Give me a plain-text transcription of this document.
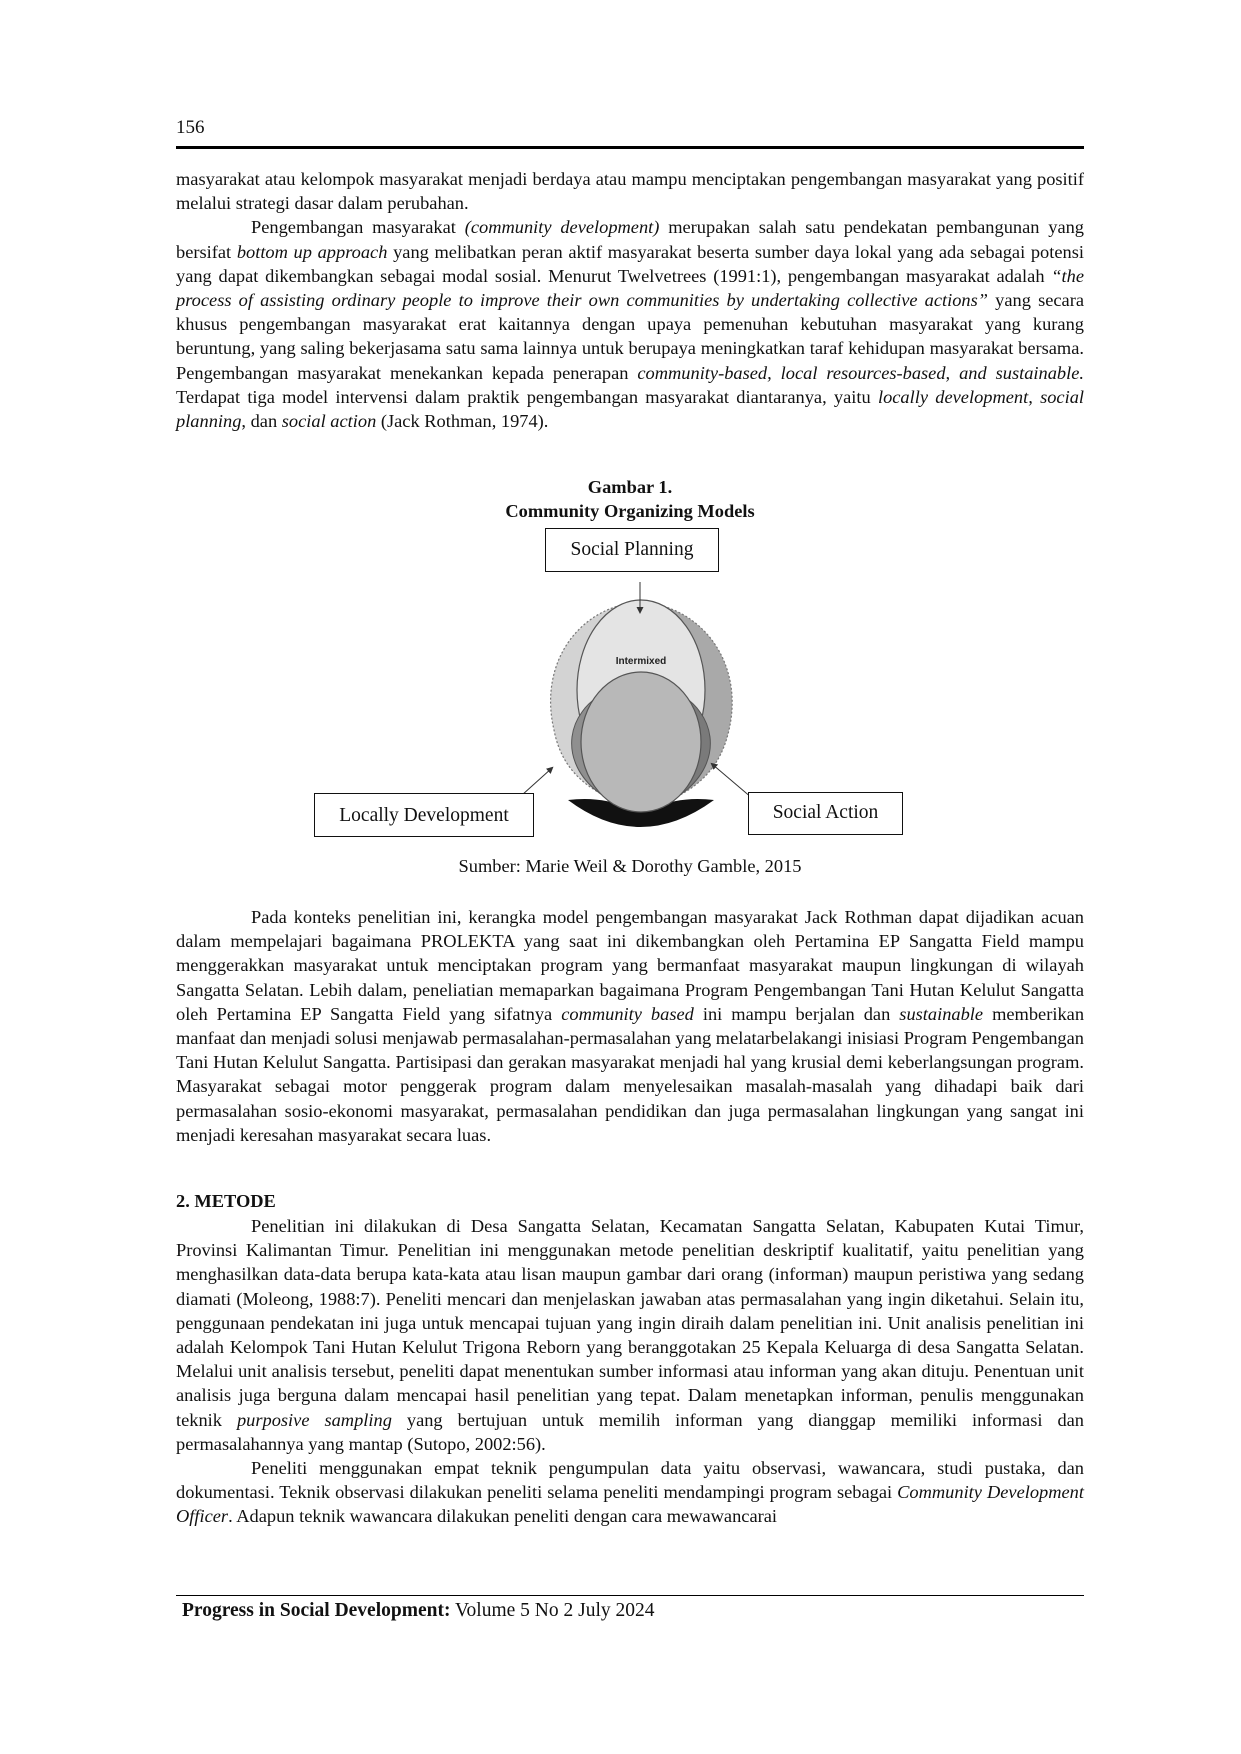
156

masyarakat atau kelompok masyarakat menjadi berdaya atau mampu menciptakan pengembangan masyarakat yang positif melalui strategi dasar dalam perubahan.

Pengembangan masyarakat (community development) merupakan salah satu pendekatan pembangunan yang bersifat bottom up approach yang melibatkan peran aktif masyarakat beserta sumber daya lokal yang ada sebagai potensi yang dapat dikembangkan sebagai modal sosial. Menurut Twelvetrees (1991:1), pengembangan masyarakat adalah “the process of assisting ordinary people to improve their own communities by undertaking collective actions” yang secara khusus pengembangan masyarakat erat kaitannya dengan upaya pemenuhan kebutuhan masyarakat yang kurang beruntung, yang saling bekerjasama satu sama lainnya untuk berupaya meningkatkan taraf kehidupan masyarakat bersama. Pengembangan masyarakat menekankan kepada penerapan community-based, local resources-based, and sustainable. Terdapat tiga model intervensi dalam praktik pengembangan masyarakat diantaranya, yaitu locally development, social planning, dan social action (Jack Rothman, 1974).

Gambar 1.
Community Organizing Models
Intermixed
Social Planning
Locally Development	Social Action
Sumber: Marie Weil & Dorothy Gamble, 2015

Pada konteks penelitian ini, kerangka model pengembangan masyarakat Jack Rothman dapat dijadikan acuan dalam mempelajari bagaimana PROLEKTA yang saat ini dikembangkan oleh Pertamina EP Sangatta Field mampu menggerakkan masyarakat untuk menciptakan program yang bermanfaat masyarakat maupun lingkungan di wilayah Sangatta Selatan. Lebih dalam, peneliatian memaparkan bagaimana Program Pengembangan Tani Hutan Kelulut Sangatta oleh Pertamina EP Sangatta Field yang sifatnya community based ini mampu berjalan dan sustainable memberikan manfaat dan menjadi solusi menjawab permasalahan-permasalahan yang melatarbelakangi inisiasi Program Pengembangan Tani Hutan Kelulut Sangatta. Partisipasi dan gerakan masyarakat menjadi hal yang krusial demi keberlangsungan program. Masyarakat sebagai motor penggerak program dalam menyelesaikan masalah-masalah yang dihadapi baik dari permasalahan sosio-ekonomi masyarakat, permasalahan pendidikan dan juga permasalahan lingkungan yang sangat ini menjadi keresahan masyarakat secara luas.

2. METODE

Penelitian ini dilakukan di Desa Sangatta Selatan, Kecamatan Sangatta Selatan, Kabupaten Kutai Timur, Provinsi Kalimantan Timur. Penelitian ini menggunakan metode penelitian deskriptif kualitatif, yaitu penelitian yang menghasilkan data-data berupa kata-kata atau lisan maupun gambar dari orang (informan) maupun peristiwa yang sedang diamati (Moleong, 1988:7). Peneliti mencari dan menjelaskan jawaban atas permasalahan yang ingin diketahui. Selain itu, penggunaan pendekatan ini juga untuk mencapai tujuan yang ingin diraih dalam penelitian ini. Unit analisis penelitian ini adalah Kelompok Tani Hutan Kelulut Trigona Reborn yang beranggotakan 25 Kepala Keluarga di desa Sangatta Selatan. Melalui unit analisis tersebut, peneliti dapat menentukan sumber informasi atau informan yang akan dituju. Penentuan unit analisis juga berguna dalam mencapai hasil penelitian yang tepat. Dalam menetapkan informan, penulis menggunakan teknik purposive sampling yang bertujuan untuk memilih informan yang dianggap memiliki informasi dan permasalahannya yang mantap (Sutopo, 2002:56).

Peneliti menggunakan empat teknik pengumpulan data yaitu observasi, wawancara, studi pustaka, dan dokumentasi. Teknik observasi dilakukan peneliti selama peneliti mendampingi program sebagai Community Development Officer. Adapun teknik wawancara dilakukan peneliti dengan cara mewawancarai

Progress in Social Development: Volume 5 No 2 July 2024
